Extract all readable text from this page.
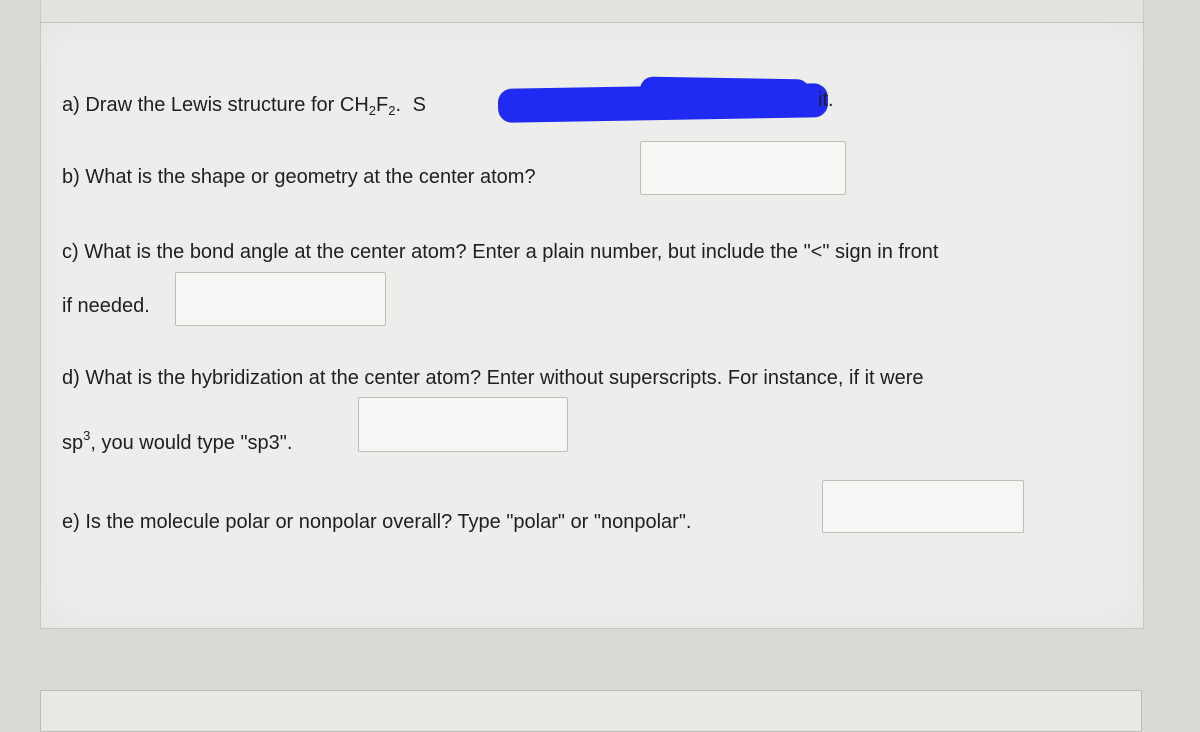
a) Draw the Lewis structure for $CH_2F_2$. S	it.
b) What is the shape or geometry at the center atom?
c) What is the bond angle at the center atom? Enter a plain number, but include the "<" sign in front
if needed.
d) What is the hybridization at the center atom? Enter without superscripts. For instance, if it were
$sp^3$, you would type "sp3".
e) Is the molecule polar or nonpolar overall? Type "polar" or "nonpolar".
